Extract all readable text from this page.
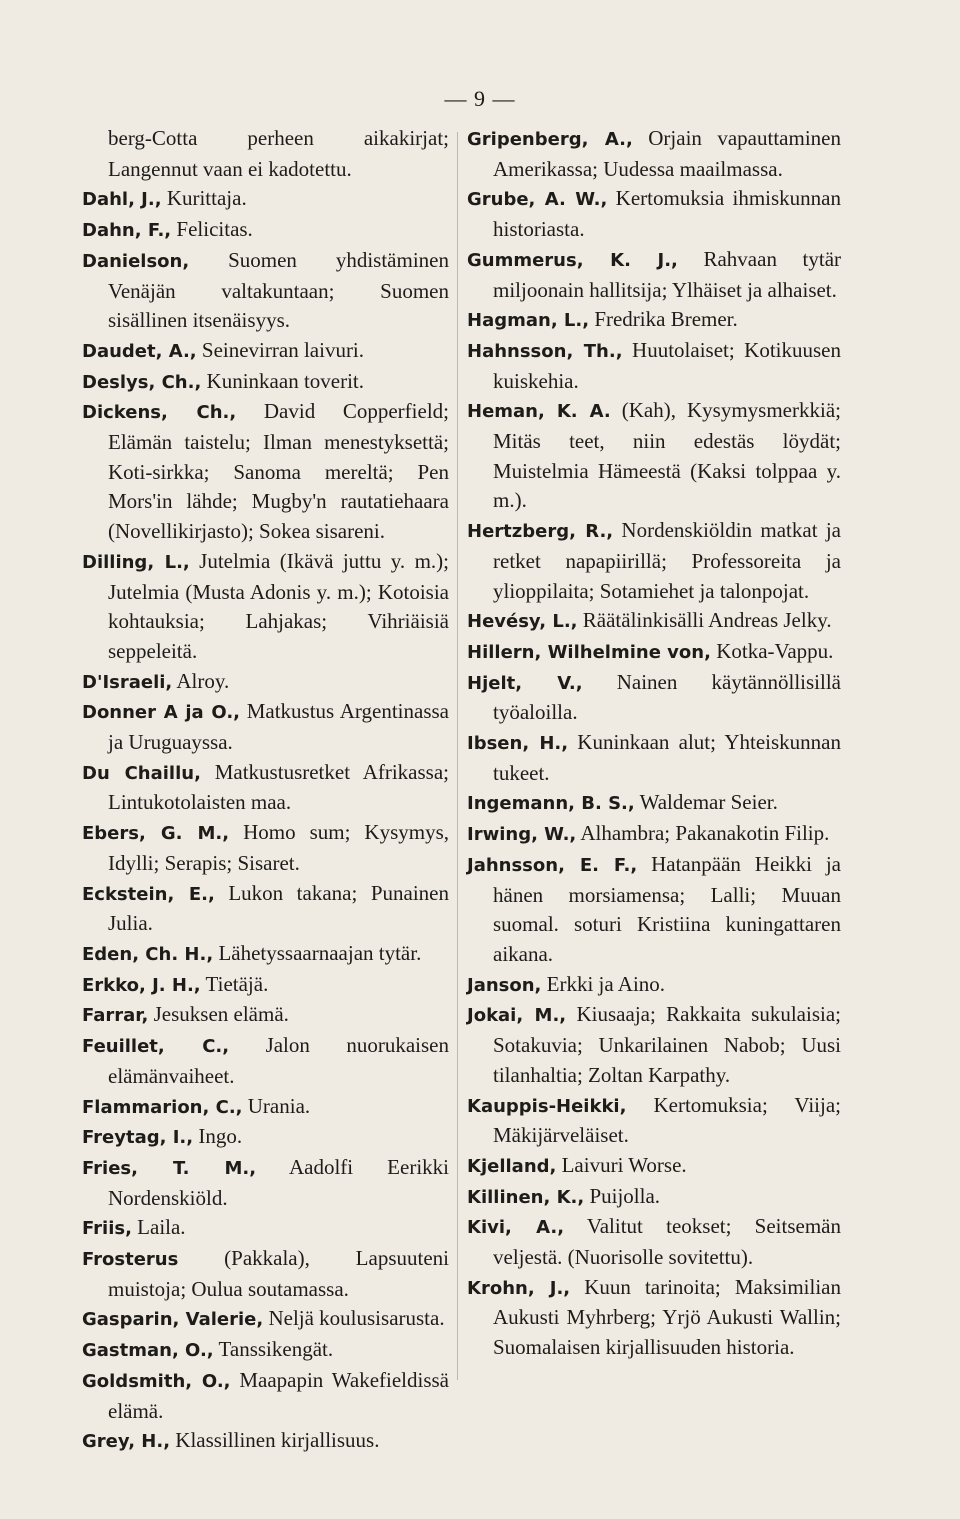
— 9 —

berg-Cotta perheen aikakirjat; Langennut vaan ei kadotettu.

Dahl, J., Kurittaja.

Dahn, F., Felicitas.

Danielson, Suomen yhdistäminen Venäjän valtakuntaan; Suomen sisällinen itsenäisyys.

Daudet, A., Seinevirran laivuri.

Deslys, Ch., Kuninkaan toverit.

Dickens, Ch., David Copperfield; Elämän taistelu; Ilman menestyksettä; Koti-sirkka; Sanoma mereltä; Pen Mors'in lähde; Mugby'n rautatiehaara (Novellikirjasto); Sokea sisareni.

Dilling, L., Jutelmia (Ikävä juttu y. m.); Jutelmia (Musta Adonis y. m.); Kotoisia kohtauksia; Lahjakas; Vihriäisiä seppeleitä.

D'Israeli, Alroy.

Donner A ja O., Matkustus Argentinassa ja Uruguayssa.

Du Chaillu, Matkustusretket Afrikassa; Lintukotolaisten maa.

Ebers, G. M., Homo sum; Kysymys, Idylli; Serapis; Sisaret.

Eckstein, E., Lukon takana; Punainen Julia.

Eden, Ch. H., Lähetyssaarnaajan tytär.

Erkko, J. H., Tietäjä.

Farrar, Jesuksen elämä.

Feuillet, C., Jalon nuorukaisen elämänvaiheet.

Flammarion, C., Urania.

Freytag, I., Ingo.

Fries, T. M., Aadolfi Eerikki Nordenskiöld.

Friis, Laila.

Frosterus (Pakkala), Lapsuuteni muistoja; Oulua soutamassa.

Gasparin, Valerie, Neljä koulusisarusta.

Gastman, O., Tanssikengät.

Goldsmith, O., Maapapin Wakefieldissä elämä.

Grey, H., Klassillinen kirjallisuus.

Gripenberg, A., Orjain vapauttaminen Amerikassa; Uudessa maailmassa.

Grube, A. W., Kertomuksia ihmiskunnan historiasta.

Gummerus, K. J., Rahvaan tytär miljoonain hallitsija; Ylhäiset ja alhaiset.

Hagman, L., Fredrika Bremer.

Hahnsson, Th., Huutolaiset; Kotikuusen kuiskehia.

Heman, K. A. (Kah), Kysymysmerkkiä; Mitäs teet, niin edestäs löydät; Muistelmia Hämeestä (Kaksi tolppaa y. m.).

Hertzberg, R., Nordenskiöldin matkat ja retket napapiirillä; Professoreita ja ylioppilaita; Sotamiehet ja talonpojat.

Hevésy, L., Räätälinkisälli Andreas Jelky.

Hillern, Wilhelmine von, Kotka-Vappu.

Hjelt, V., Nainen käytännöllisillä työaloilla.

Ibsen, H., Kuninkaan alut; Yhteiskunnan tukeet.

Ingemann, B. S., Waldemar Seier.

Irwing, W., Alhambra; Pakanakotin Filip.

Jahnsson, E. F., Hatanpään Heikki ja hänen morsiamensa; Lalli; Muuan suomal. soturi Kristiina kuningattaren aikana.

Janson, Erkki ja Aino.

Jokai, M., Kiusaaja; Rakkaita sukulaisia; Sotakuvia; Unkarilainen Nabob; Uusi tilanhaltia; Zoltan Karpathy.

Kauppis-Heikki, Kertomuksia; Viija; Mäkijärveläiset.

Kjelland, Laivuri Worse.

Killinen, K., Puijolla.

Kivi, A., Valitut teokset; Seitsemän veljestä. (Nuorisolle sovitettu).

Krohn, J., Kuun tarinoita; Maksimilian Aukusti Myhrberg; Yrjö Aukusti Wallin; Suomalaisen kirjallisuuden historia.
